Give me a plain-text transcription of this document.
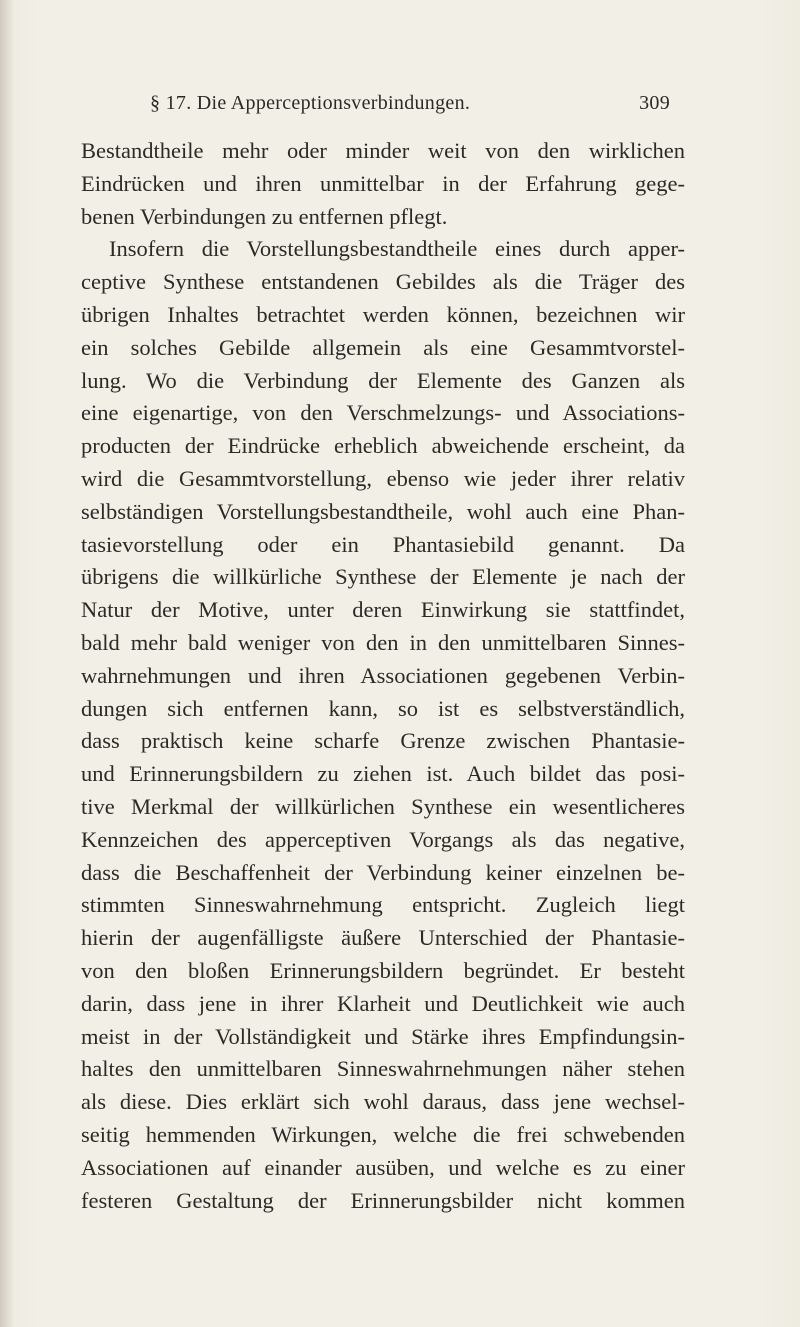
§ 17. Die Apperceptionsverbindungen.	309
Bestandtheile mehr oder minder weit von den wirklichen
Eindrücken und ihren unmittelbar in der Erfahrung gege-
benen Verbindungen zu entfernen pflegt.
Insofern die Vorstellungsbestandtheile eines durch apper-
ceptive Synthese entstandenen Gebildes als die Träger des
übrigen Inhaltes betrachtet werden können, bezeichnen wir
ein solches Gebilde allgemein als eine Gesammtvorstel-
lung. Wo die Verbindung der Elemente des Ganzen als
eine eigenartige, von den Verschmelzungs- und Associations-
producten der Eindrücke erheblich abweichende erscheint, da
wird die Gesammtvorstellung, ebenso wie jeder ihrer relativ
selbständigen Vorstellungsbestandtheile, wohl auch eine Phan-
tasievorstellung oder ein Phantasiebild genannt. Da
übrigens die willkürliche Synthese der Elemente je nach der
Natur der Motive, unter deren Einwirkung sie stattfindet,
bald mehr bald weniger von den in den unmittelbaren Sinnes-
wahrnehmungen und ihren Associationen gegebenen Verbin-
dungen sich entfernen kann, so ist es selbstverständlich,
dass praktisch keine scharfe Grenze zwischen Phantasie-
und Erinnerungsbildern zu ziehen ist. Auch bildet das posi-
tive Merkmal der willkürlichen Synthese ein wesentlicheres
Kennzeichen des apperceptiven Vorgangs als das negative,
dass die Beschaffenheit der Verbindung keiner einzelnen be-
stimmten Sinneswahrnehmung entspricht. Zugleich liegt
hierin der augenfälligste äußere Unterschied der Phantasie-
von den bloßen Erinnerungsbildern begründet. Er besteht
darin, dass jene in ihrer Klarheit und Deutlichkeit wie auch
meist in der Vollständigkeit und Stärke ihres Empfindungsin-
haltes den unmittelbaren Sinneswahrnehmungen näher stehen
als diese. Dies erklärt sich wohl daraus, dass jene wechsel-
seitig hemmenden Wirkungen, welche die frei schwebenden
Associationen auf einander ausüben, und welche es zu einer
festeren Gestaltung der Erinnerungsbilder nicht kommen
